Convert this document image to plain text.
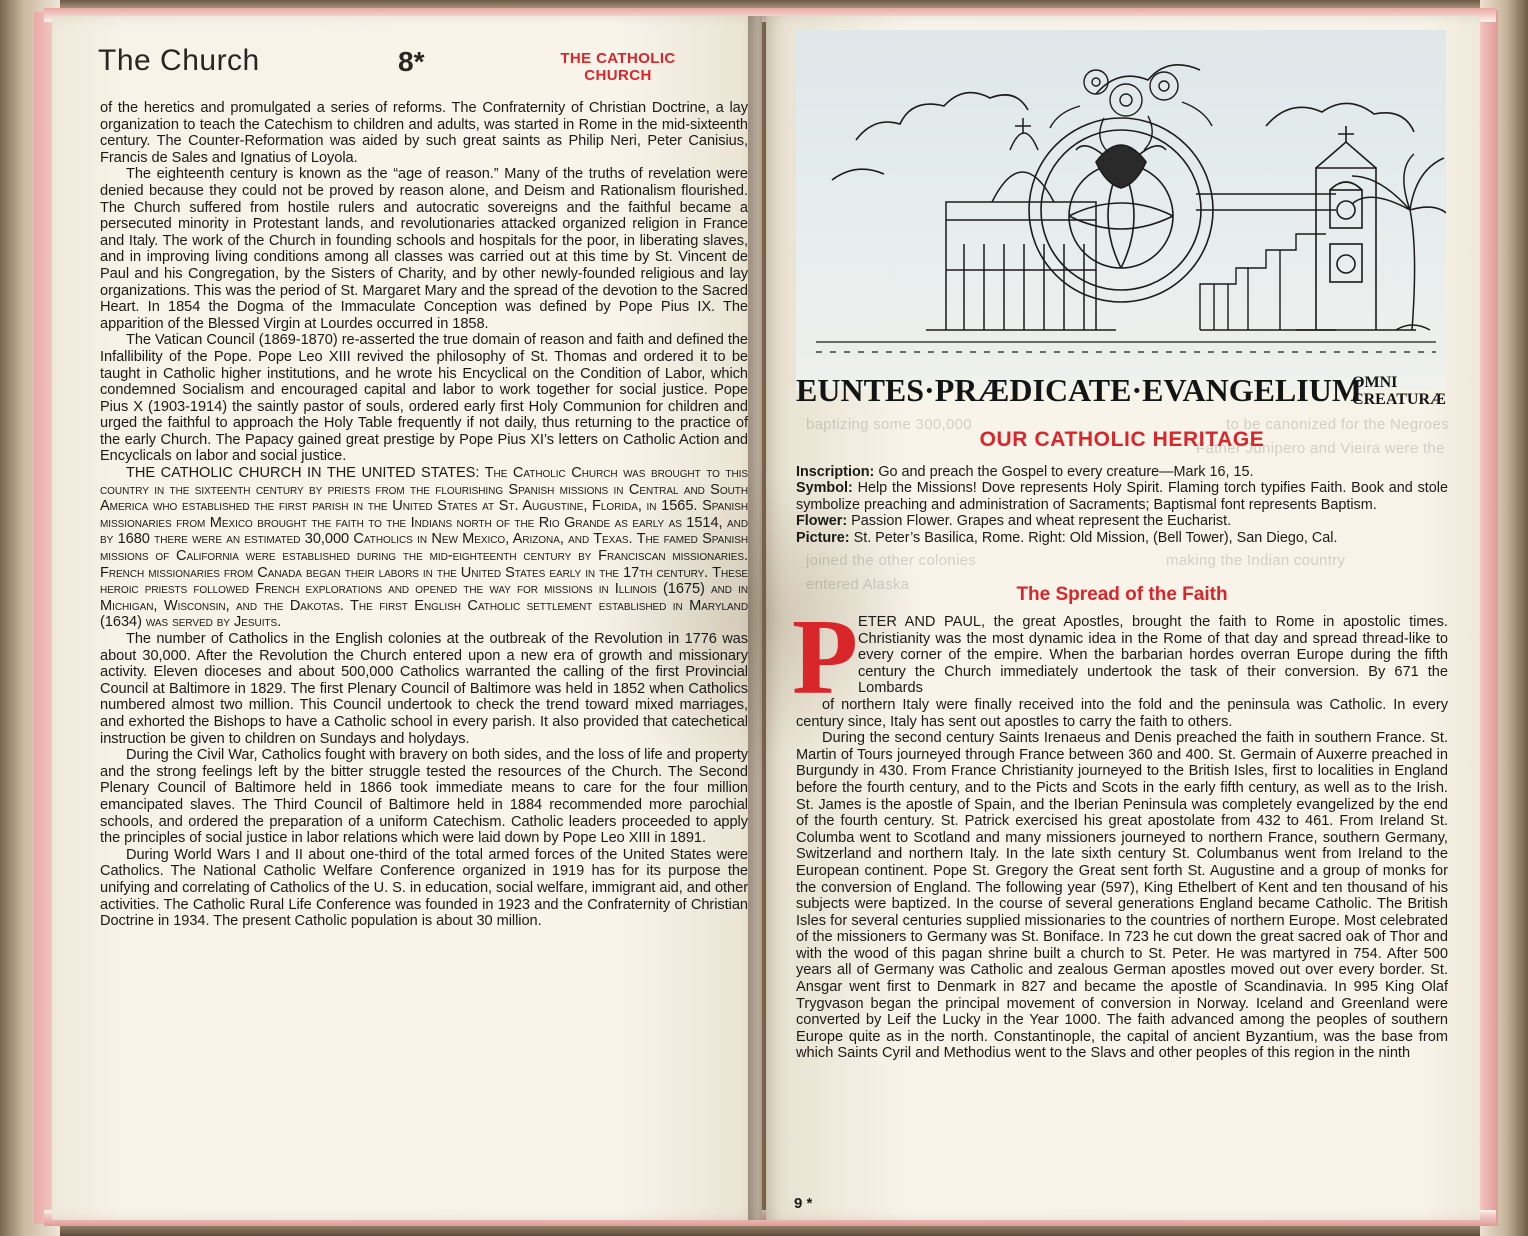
The Church	8*	THE CATHOLIC
CHURCH

of the heretics and promulgated a series of reforms. The Confraternity of Christian Doctrine, a lay organization to teach the Catechism to children and adults, was started in Rome in the mid-sixteenth century. The Counter-Reformation was aided by such great saints as Philip Neri, Peter Canisius, Francis de Sales and Ignatius of Loyola.

The eighteenth century is known as the “age of reason.” Many of the truths of revelation were denied because they could not be proved by reason alone, and Deism and Rationalism flourished. The Church suffered from hostile rulers and autocratic sovereigns and the faithful became a persecuted minority in Protestant lands, and revolutionaries attacked organized religion in France and Italy. The work of the Church in founding schools and hospitals for the poor, in liberating slaves, and in improving living conditions among all classes was carried out at this time by St. Vincent de Paul and his Congregation, by the Sisters of Charity, and by other newly-founded religious and lay organizations. This was the period of St. Margaret Mary and the spread of the devotion to the Sacred Heart. In 1854 the Dogma of the Immaculate Conception was defined by Pope Pius IX. The apparition of the Blessed Virgin at Lourdes occurred in 1858.

The Vatican Council (1869-1870) re-asserted the true domain of reason and faith and defined the Infallibility of the Pope. Pope Leo XIII revived the philosophy of St. Thomas and ordered it to be taught in Catholic higher institutions, and he wrote his Encyclical on the Condition of Labor, which condemned Socialism and encouraged capital and labor to work together for social justice. Pope Pius X (1903-1914) the saintly pastor of souls, ordered early first Holy Communion for children and urged the faithful to approach the Holy Table frequently if not daily, thus returning to the practice of the early Church. The Papacy gained great prestige by Pope Pius XI’s letters on Catholic Action and Encyclicals on labor and social justice.

THE CATHOLIC CHURCH IN THE UNITED STATES: The Catholic Church was brought to this country in the sixteenth century by priests from the flourishing Spanish missions in Central and South America who established the first parish in the United States at St. Augustine, Florida, in 1565. Spanish missionaries from Mexico brought the faith to the Indians north of the Rio Grande as early as 1514, and by 1680 there were an estimated 30,000 Catholics in New Mexico, Arizona, and Texas. The famed Spanish missions of California were established during the mid-eighteenth century by Franciscan missionaries. French missionaries from Canada began their labors in the United States early in the 17th century. These heroic priests followed French explorations and opened the way for missions in Illinois (1675) and in Michigan, Wisconsin, and the Dakotas. The first English Catholic settlement established in Maryland (1634) was served by Jesuits.

The number of Catholics in the English colonies at the outbreak of the Revolution in 1776 was about 30,000. After the Revolution the Church entered upon a new era of growth and missionary activity. Eleven dioceses and about 500,000 Catholics warranted the calling of the first Provincial Council at Baltimore in 1829. The first Plenary Council of Baltimore was held in 1852 when Catholics numbered almost two million. This Council undertook to check the trend toward mixed marriages, and exhorted the Bishops to have a Catholic school in every parish. It also provided that catechetical instruction be given to children on Sundays and holydays.

During the Civil War, Catholics fought with bravery on both sides, and the loss of life and property and the strong feelings left by the bitter struggle tested the resources of the Church. The Second Plenary Council of Baltimore held in 1866 took immediate means to care for the four million emancipated slaves. The Third Council of Baltimore held in 1884 recommended more parochial schools, and ordered the preparation of a uniform Catechism. Catholic leaders proceeded to apply the principles of social justice in labor relations which were laid down by Pope Leo XIII in 1891.

During World Wars I and II about one-third of the total armed forces of the United States were Catholics. The National Catholic Welfare Conference organized in 1919 has for its purpose the unifying and correlating of Catholics of the U. S. in education, social welfare, immigrant aid, and other activities. The Catholic Rural Life Conference was founded in 1923 and the Confraternity of Christian Doctrine in 1934. The present Catholic population is about 30 million.

baptizing some 300,000	to be canonized for the Negroes
Father Junipero and Vieira were the
joined the other colonies
entered Alaska
making the Indian country
EUNTES·PRÆDICATE·EVANGELIUM
OMNI
CREATURÆ
OUR CATHOLIC HERITAGE
Inscription: Go and preach the Gospel to every creature—Mark 16, 15.
Symbol: Help the Missions! Dove represents Holy Spirit. Flaming torch typifies Faith. Book and stole symbolize preaching and administration of Sacraments; Baptismal font represents Baptism.
Flower: Passion Flower. Grapes and wheat represent the Eucharist.
Picture: St. Peter’s Basilica, Rome. Right: Old Mission, (Bell Tower), San Diego, Cal.
The Spread of the Faith
P ETER AND PAUL, the great Apostles, brought the faith to Rome in apostolic times. Christianity was the most dynamic idea in the Rome of that day and spread thread-like to every corner of the empire. When the barbarian hordes overran Europe during the fifth century the Church immediately undertook the task of their conversion. By 671 the Lombards

of northern Italy were finally received into the fold and the peninsula was Catholic. In every century since, Italy has sent out apostles to carry the faith to others.

During the second century Saints Irenaeus and Denis preached the faith in southern France. St. Martin of Tours journeyed through France between 360 and 400. St. Germain of Auxerre preached in Burgundy in 430. From France Christianity journeyed to the British Isles, first to localities in England before the fourth century, and to the Picts and Scots in the early fifth century, as well as to the Irish. St. James is the apostle of Spain, and the Iberian Peninsula was completely evangelized by the end of the fourth century. St. Patrick exercised his great apostolate from 432 to 461. From Ireland St. Columba went to Scotland and many missioners journeyed to northern France, southern Germany, Switzerland and northern Italy. In the late sixth century St. Columbanus went from Ireland to the European continent. Pope St. Gregory the Great sent forth St. Augustine and a group of monks for the conversion of England. The following year (597), King Ethelbert of Kent and ten thousand of his subjects were baptized. In the course of several generations England became Catholic. The British Isles for several centuries supplied missionaries to the countries of northern Europe. Most celebrated of the missioners to Germany was St. Boniface. In 723 he cut down the great sacred oak of Thor and with the wood of this pagan shrine built a church to St. Peter. He was martyred in 754. After 500 years all of Germany was Catholic and zealous German apostles moved out over every border. St. Ansgar went first to Denmark in 827 and became the apostle of Scandinavia. In 995 King Olaf Trygvason began the principal movement of conversion in Norway. Iceland and Greenland were converted by Leif the Lucky in the Year 1000. The faith advanced among the peoples of southern Europe quite as in the north. Constantinople, the capital of ancient Byzantium, was the base from which Saints Cyril and Methodius went to the Slavs and other peoples of this region in the ninth

9 *
